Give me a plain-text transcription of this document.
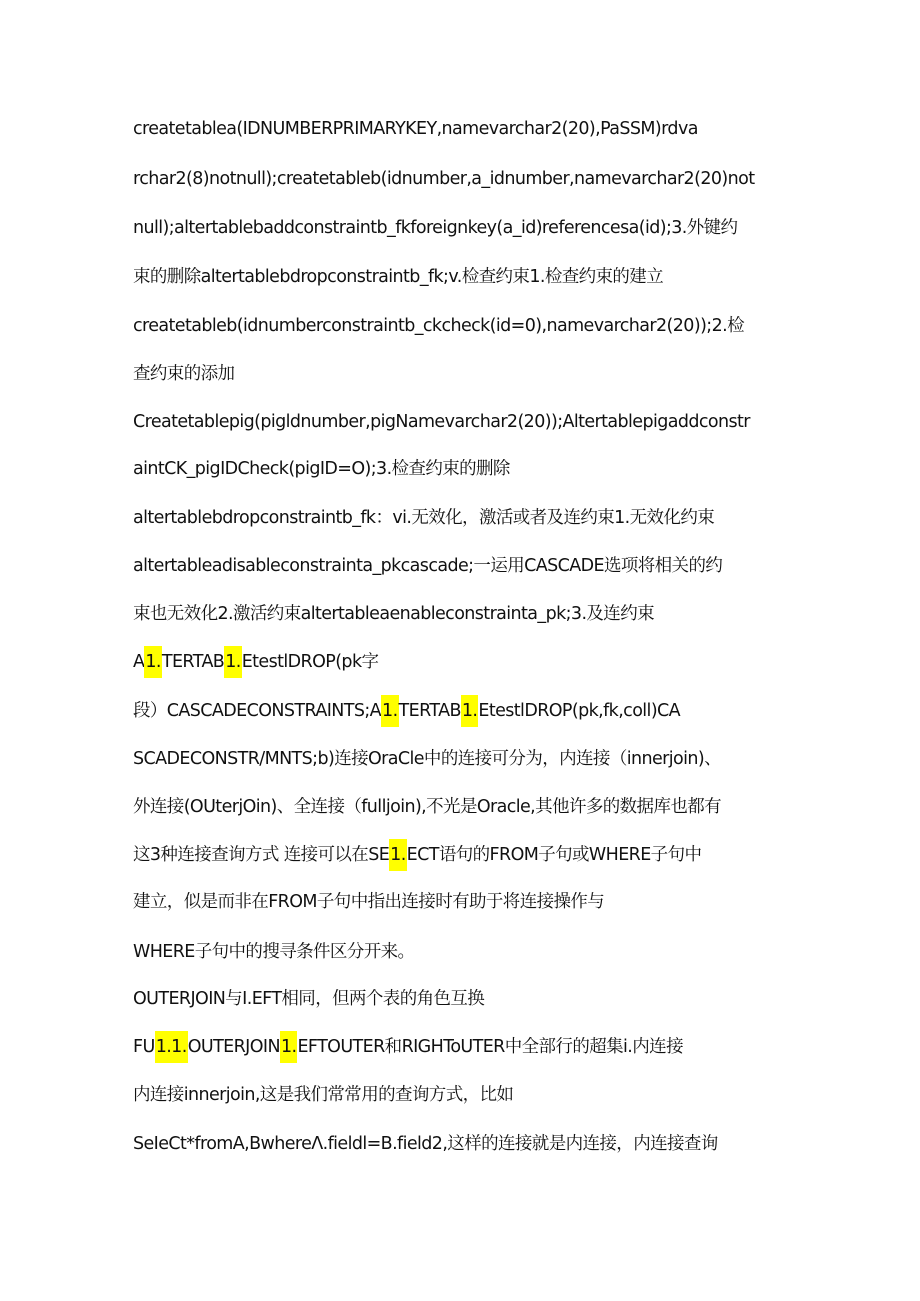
createtablea(IDNUMBERPRIMARYKEY,namevarchar2(20),PaSSM)rdva
rchar2(8)notnull);createtableb(idnumber,a_idnumber,namevarchar2(20)not
null);altertablebaddconstraintb_fkforeignkey(a_id)referencesa(id);3.外键约
束的删除altertablebdropconstraintb_fk;v.检查约束1.检查约束的建立
createtableb(idnumberconstraintb_ckcheck(id=0),namevarchar2(20));2.检
查约束的添加
Createtablepig(pigldnumber,pigNamevarchar2(20));Altertablepigaddconstr
aintCK_pigIDCheck(pigID=O);3.检查约束的删除
altertablebdropconstraintb_fk：vi.无效化，激活或者及连约束1.无效化约束
altertableadisableconstrainta_pkcascade;一运用CASCADE选项将相关的约
束也无效化2.激活约束altertableaenableconstrainta_pk;3.及连约束
A1.TERTAB1.EtestlDROP(pk字
段）CASCADECONSTRAINTS;A1.TERTAB1.EtestlDROP(pk,fk,coll)CA
SCADECONSTR/MNTS;b)连接OraCle中的连接可分为，内连接（innerjoin)、
外连接(OUterjOin)、全连接（fulljoin),不光是Oracle,其他许多的数据库也都有
这3种连接查询方式 连接可以在SE1.ECT语句的FROM子句或WHERE子句中
建立，似是而非在FROM子句中指出连接时有助于将连接操作与
WHERE子句中的搜寻条件区分开来。
OUTERJOIN与I.EFT相同，但两个表的角色互换
FU1.1.OUTERJOIN1.EFTOUTER和RIGHToUTER中全部行的超集i.内连接
内连接innerjoin,这是我们常常用的查询方式，比如
SeIeCt*fromA,BwhereΛ.fieldl=B.field2,这样的连接就是内连接，内连接查询
